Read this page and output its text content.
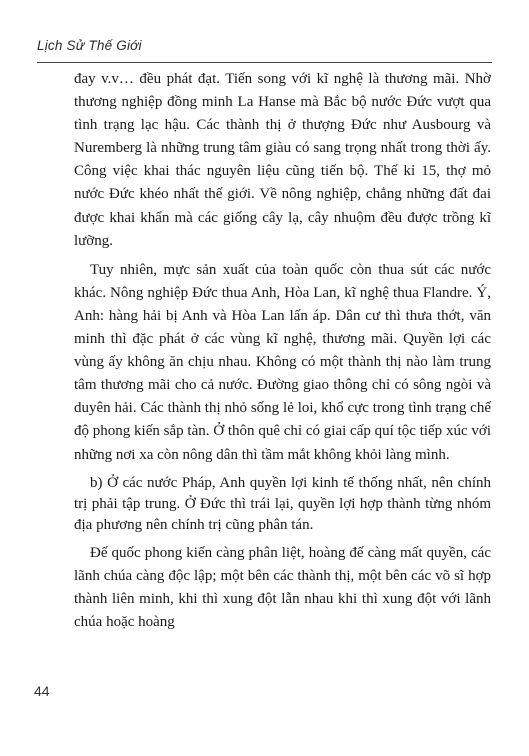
Lịch Sử Thế Giới

đay v.v… đều phát đạt. Tiến song với kĩ nghệ là thương mãi. Nhờ thương nghiệp đồng minh La Hanse mà Bắc bộ nước Đức vượt qua tình trạng lạc hậu. Các thành thị ở thượng Đức như Ausbourg và Nuremberg là những trung tâm giàu có sang trọng nhất trong thời ấy. Công việc khai thác nguyên liệu cũng tiến bộ. Thế kỉ 15, thợ mỏ nước Đức khéo nhất thế giới. Về nông nghiệp, chẳng những đất đai được khai khẩn mà các giống cây lạ, cây nhuộm đều được trồng kĩ lưỡng.

Tuy nhiên, mực sản xuất của toàn quốc còn thua sút các nước khác. Nông nghiệp Đức thua Anh, Hòa Lan, kĩ nghệ thua Flandre. Ý, Anh: hàng hải bị Anh và Hòa Lan lấn áp. Dân cư thì thưa thớt, văn minh thì đặc phát ở các vùng kĩ nghệ, thương mãi. Quyền lợi các vùng ấy không ăn chịu nhau. Không có một thành thị nào làm trung tâm thương mãi cho cả nước. Đường giao thông chỉ có sông ngòi và duyên hải. Các thành thị nhỏ sống lẻ loi, khổ cực trong tình trạng chế độ phong kiến sắp tàn. Ở thôn quê chỉ có giai cấp quí tộc tiếp xúc với những nơi xa còn nông dân thì tầm mắt không khỏi làng mình.

b) Ở các nước Pháp, Anh quyền lợi kinh tế thống nhất, nên chính trị phải tập trung. Ở Đức thì trái lại, quyền lợi hợp thành từng nhóm địa phương nên chính trị cũng phân tán.

Đế quốc phong kiến càng phân liệt, hoàng đế càng mất quyền, các lãnh chúa càng độc lập; một bên các thành thị, một bên các võ sĩ hợp thành liên minh, khi thì xung đột lẫn nhau khi thì xung đột với lãnh chúa hoặc hoàng

44
